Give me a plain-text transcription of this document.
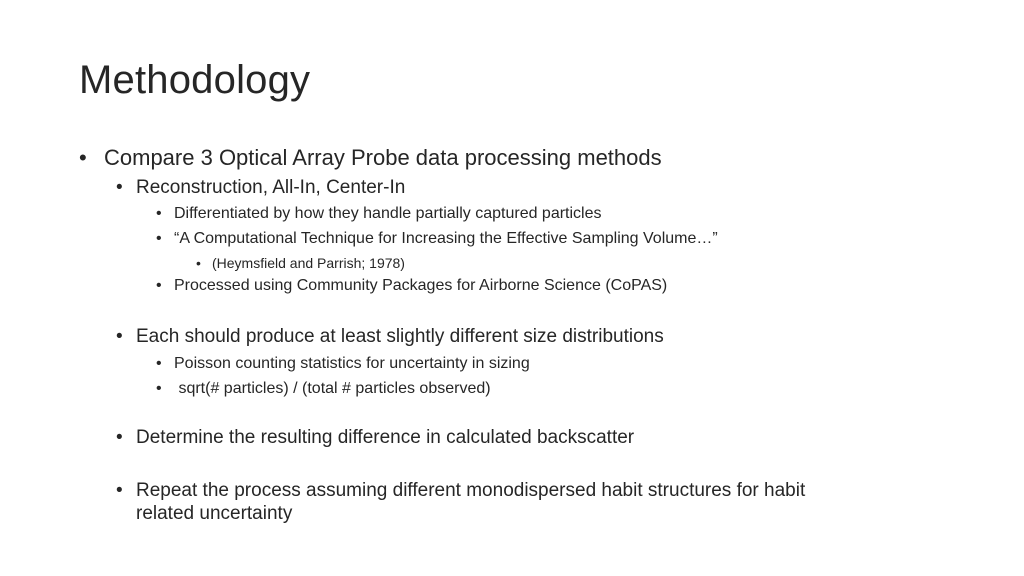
Methodology
• Compare 3 Optical Array Probe data processing methods
• Reconstruction, All-In, Center-In
• Differentiated by how they handle partially captured particles
• “A Computational Technique for Increasing the Effective Sampling Volume…”
• (Heymsfield and Parrish; 1978)
• Processed using Community Packages for Airborne Science (CoPAS)
• Each should produce at least slightly different size distributions
• Poisson counting statistics for uncertainty in sizing
• sqrt(# particles) / (total # particles observed)
• Determine the resulting difference in calculated backscatter
• Repeat the process assuming different monodispersed habit structures for habit
related uncertainty
